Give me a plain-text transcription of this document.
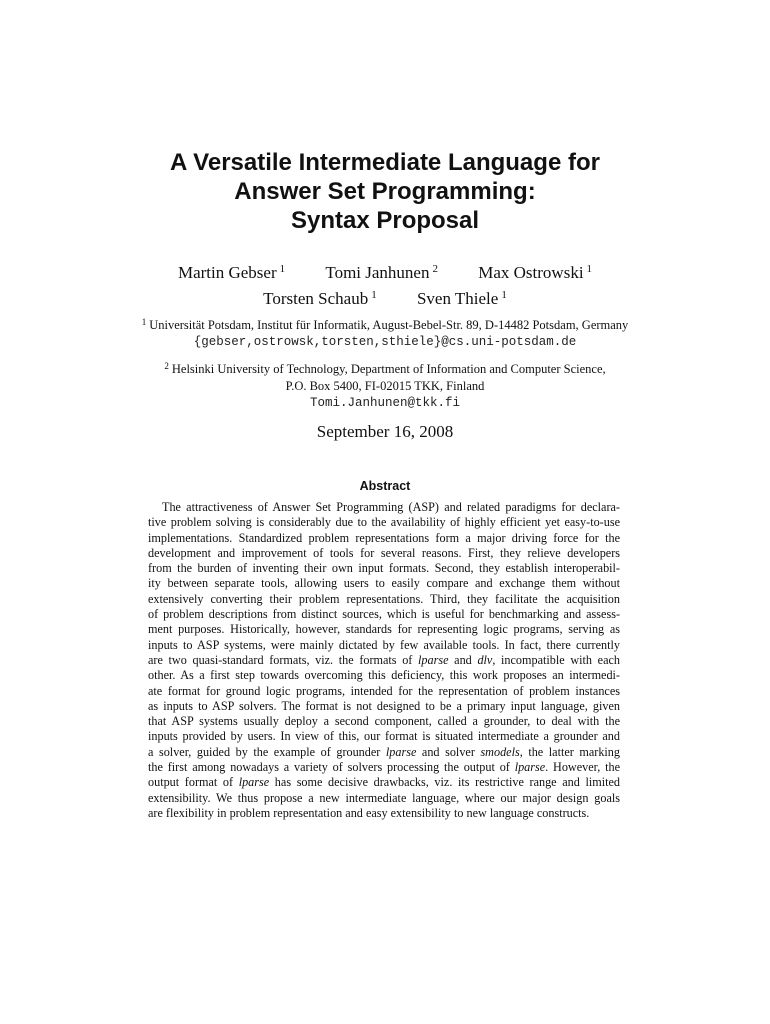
A Versatile Intermediate Language for
Answer Set Programming:
Syntax Proposal
Martin Gebser $^1$ Tomi Janhunen $^2$ Max Ostrowski $^1$
Torsten Schaub $^1$ Sven Thiele $^1$
$^1$ Universität Potsdam, Institut für Informatik, August-Bebel-Str. 89, D-14482 Potsdam, Germany
{gebser,ostrowsk,torsten,sthiele}@cs.uni-potsdam.de
$^2$ Helsinki University of Technology, Department of Information and Computer Science,
P.O. Box 5400, FI-02015 TKK, Finland
Tomi.Janhunen@tkk.fi
September 16, 2008
Abstract
The attractiveness of Answer Set Programming (ASP) and related paradigms for declara-
tive problem solving is considerably due to the availability of highly efficient yet easy-to-use
implementations. Standardized problem representations form a major driving force for the
development and improvement of tools for several reasons. First, they relieve developers
from the burden of inventing their own input formats. Second, they establish interoperabil-
ity between separate tools, allowing users to easily compare and exchange them without
extensively converting their problem representations. Third, they facilitate the acquisition
of problem descriptions from distinct sources, which is useful for benchmarking and assess-
ment purposes. Historically, however, standards for representing logic programs, serving as
inputs to ASP systems, were mainly dictated by few available tools. In fact, there currently
are two quasi-standard formats, viz. the formats of lparse and dlv, incompatible with each
other. As a first step towards overcoming this deficiency, this work proposes an intermedi-
ate format for ground logic programs, intended for the representation of problem instances
as inputs to ASP solvers. The format is not designed to be a primary input language, given
that ASP systems usually deploy a second component, called a grounder, to deal with the
inputs provided by users. In view of this, our format is situated intermediate a grounder and
a solver, guided by the example of grounder lparse and solver smodels, the latter marking
the first among nowadays a variety of solvers processing the output of lparse. However, the
output format of lparse has some decisive drawbacks, viz. its restrictive range and limited
extensibility. We thus propose a new intermediate language, where our major design goals
are flexibility in problem representation and easy extensibility to new language constructs.
